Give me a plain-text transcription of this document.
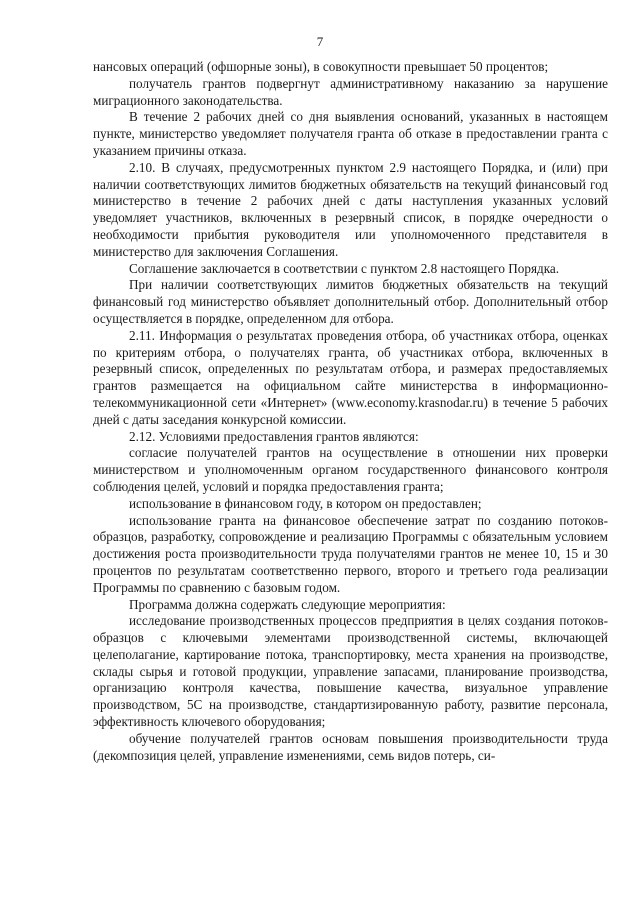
7

нансовых операций (офшорные зоны), в совокупности превышает 50 процентов;

получатель грантов подвергнут административному наказанию за нарушение миграционного законодательства.

В течение 2 рабочих дней со дня выявления оснований, указанных в настоящем пункте, министерство уведомляет получателя гранта об отказе в предоставлении гранта с указанием причины отказа.

2.10. В случаях, предусмотренных пунктом 2.9 настоящего Порядка, и (или) при наличии соответствующих лимитов бюджетных обязательств на текущий финансовый год министерство в течение 2 рабочих дней с даты наступления указанных условий уведомляет участников, включенных в резервный список, в порядке очередности о необходимости прибытия руководителя или уполномоченного представителя в министерство для заключения Соглашения.

Соглашение заключается в соответствии с пунктом 2.8 настоящего Порядка.

При наличии соответствующих лимитов бюджетных обязательств на текущий финансовый год министерство объявляет дополнительный отбор. Дополнительный отбор осуществляется в порядке, определенном для отбора.

2.11. Информация о результатах проведения отбора, об участниках отбора, оценках по критериям отбора, о получателях гранта, об участниках отбора, включенных в резервный список, определенных по результатам отбора, и размерах предоставляемых грантов размещается на официальном сайте министерства в информационно-телекоммуникационной сети «Интернет» (www.economy.krasnodar.ru) в течение 5 рабочих дней с даты заседания конкурсной комиссии.

2.12. Условиями предоставления грантов являются:

согласие получателей грантов на осуществление в отношении них проверки министерством и уполномоченным органом государственного финансового контроля соблюдения целей, условий и порядка предоставления гранта;

использование в финансовом году, в котором он предоставлен;

использование гранта на финансовое обеспечение затрат по созданию потоков-образцов, разработку, сопровождение и реализацию Программы с обязательным условием достижения роста производительности труда получателями грантов не менее 10, 15 и 30 процентов по результатам соответственно первого, второго и третьего года реализации Программы по сравнению с базовым годом.

Программа должна содержать следующие мероприятия:

исследование производственных процессов предприятия в целях создания потоков-образцов с ключевыми элементами производственной системы, включающей целеполагание, картирование потока, транспортировку, места хранения на производстве, склады сырья и готовой продукции, управление запасами, планирование производства, организацию контроля качества, повышение качества, визуальное управление производством, 5С на производстве, стандартизированную работу, развитие персонала, эффективность ключевого оборудования;

обучение получателей грантов основам повышения производительности труда (декомпозиция целей, управление изменениями, семь видов потерь, си-
